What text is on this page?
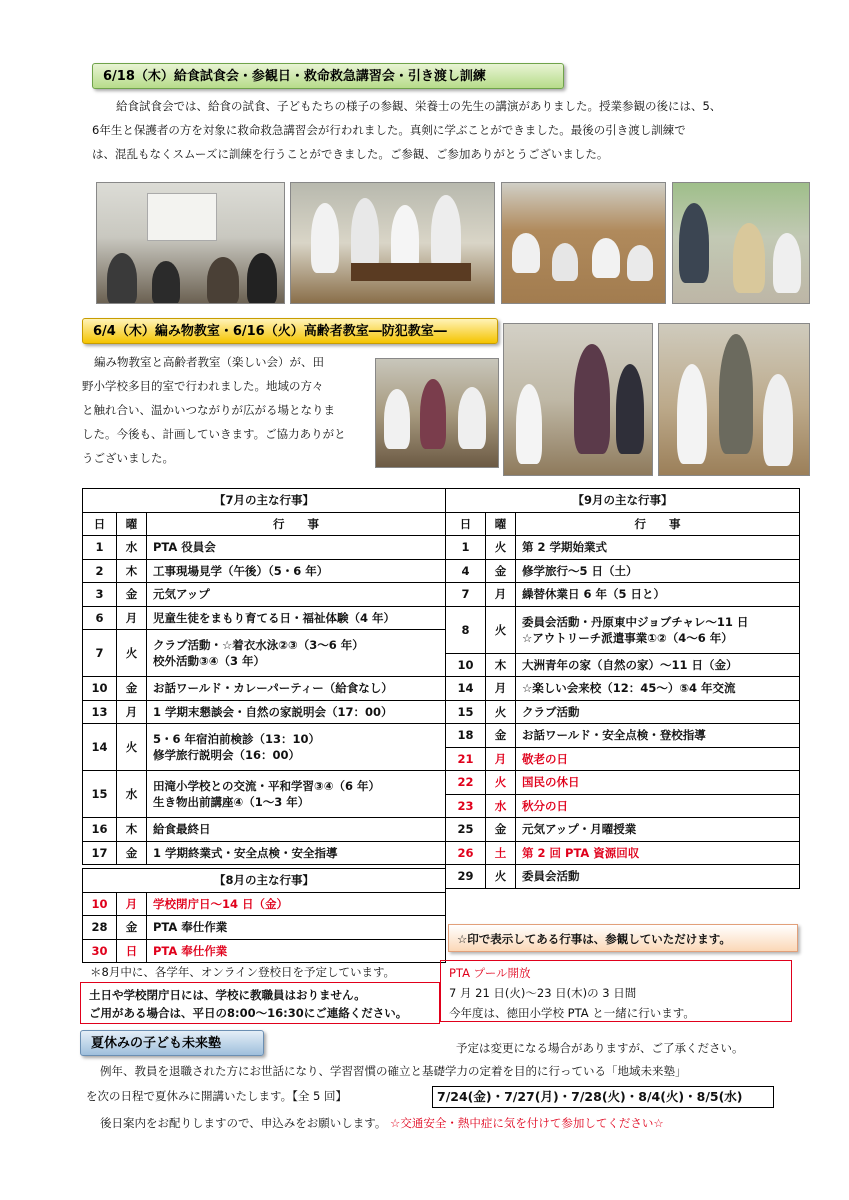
6/18（木）給食試食会・参観日・救命救急講習会・引き渡し訓練
給食試食会では、給食の試食、子どもたちの様子の参観、栄養士の先生の講演がありました。授業参観の後には、5、
6年生と保護者の方を対象に救命救急講習会が行われました。真剣に学ぶことができました。最後の引き渡し訓練で
は、混乱もなくスムーズに訓練を行うことができました。ご参観、ご参加ありがとうございました。
6/4（木）編み物教室・6/16（火）高齢者教室―防犯教室―
編み物教室と高齢者教室（楽しい会）が、田
野小学校多目的室で行われました。地域の方々
と触れ合い、温かいつながりが広がる場となりま
した。今後も、計画していきます。ご協力ありがと
うございました。
【7月の主な行事】		
日	曜	行　　事
1	水	PTA 役員会

2	木	工事現場見学（午後）（5・6 年）

3	金	元気アップ

6	月	児童生徒をまもり育てる日・福祉体験（4 年）

7	火	クラブ活動・☆着衣水泳②③（3～6 年）
校外活動③④（3 年）

10	金	お話ワールド・カレーパーティー（給食なし）

13	月	1 学期末懇談会・自然の家説明会（17：00）

14	火	5・6 年宿泊前検診（13：10）
修学旅行説明会（16：00）

15	水	田滝小学校との交流・平和学習③④（6 年）
生き物出前講座④（1～3 年）

16	木	給食最終日

17	金	1 学期終業式・安全点検・安全指導
【8月の主な行事】		
10	月	学校閉庁日～14 日（金）
28	金	PTA 奉仕作業
30	日	PTA 奉仕作業
【9月の主な行事】		
日	曜	行　　事
1	火	第 2 学期始業式

4	金	修学旅行～5 日（土）

7	月	繰替休業日 6 年（5 日と）

8	火	委員会活動・丹原東中ジョブチャレ～11 日
☆アウトリーチ派遣事業①②（4～6 年）

10	木	大洲青年の家（自然の家）～11 日（金）

14	月	☆楽しい会来校（12：45～）⑤4 年交流

15	火	クラブ活動

18	金	お話ワールド・安全点検・登校指導

21	月	敬老の日

22	火	国民の休日

23	水	秋分の日

25	金	元気アップ・月曜授業

26	土	第 2 回 PTA 資源回収

29	火	委員会活動
☆印で表示してある行事は、参観していただけます。
＊8月中に、各学年、オンライン登校日を予定しています。
土日や学校閉庁日には、学校に教職員はおりません。
ご用がある場合は、平日の8:00～16:30にご連絡ください。
PTA プール開放
7 月 21 日(火)～23 日(木)の 3 日間
今年度は、徳田小学校 PTA と一緒に行います。
夏休みの子ども未来塾	予定は変更になる場合がありますが、ご了承ください。
例年、教員を退職された方にお世話になり、学習習慣の確立と基礎学力の定着を目的に行っている「地域未来塾」
を次の日程で夏休みに開講いたします。【全 5 回】	7/24(金)・7/27(月)・7/28(火)・8/4(火)・8/5(水)
後日案内をお配りしますので、申込みをお願いします。 ☆交通安全・熱中症に気を付けて参加してください☆
